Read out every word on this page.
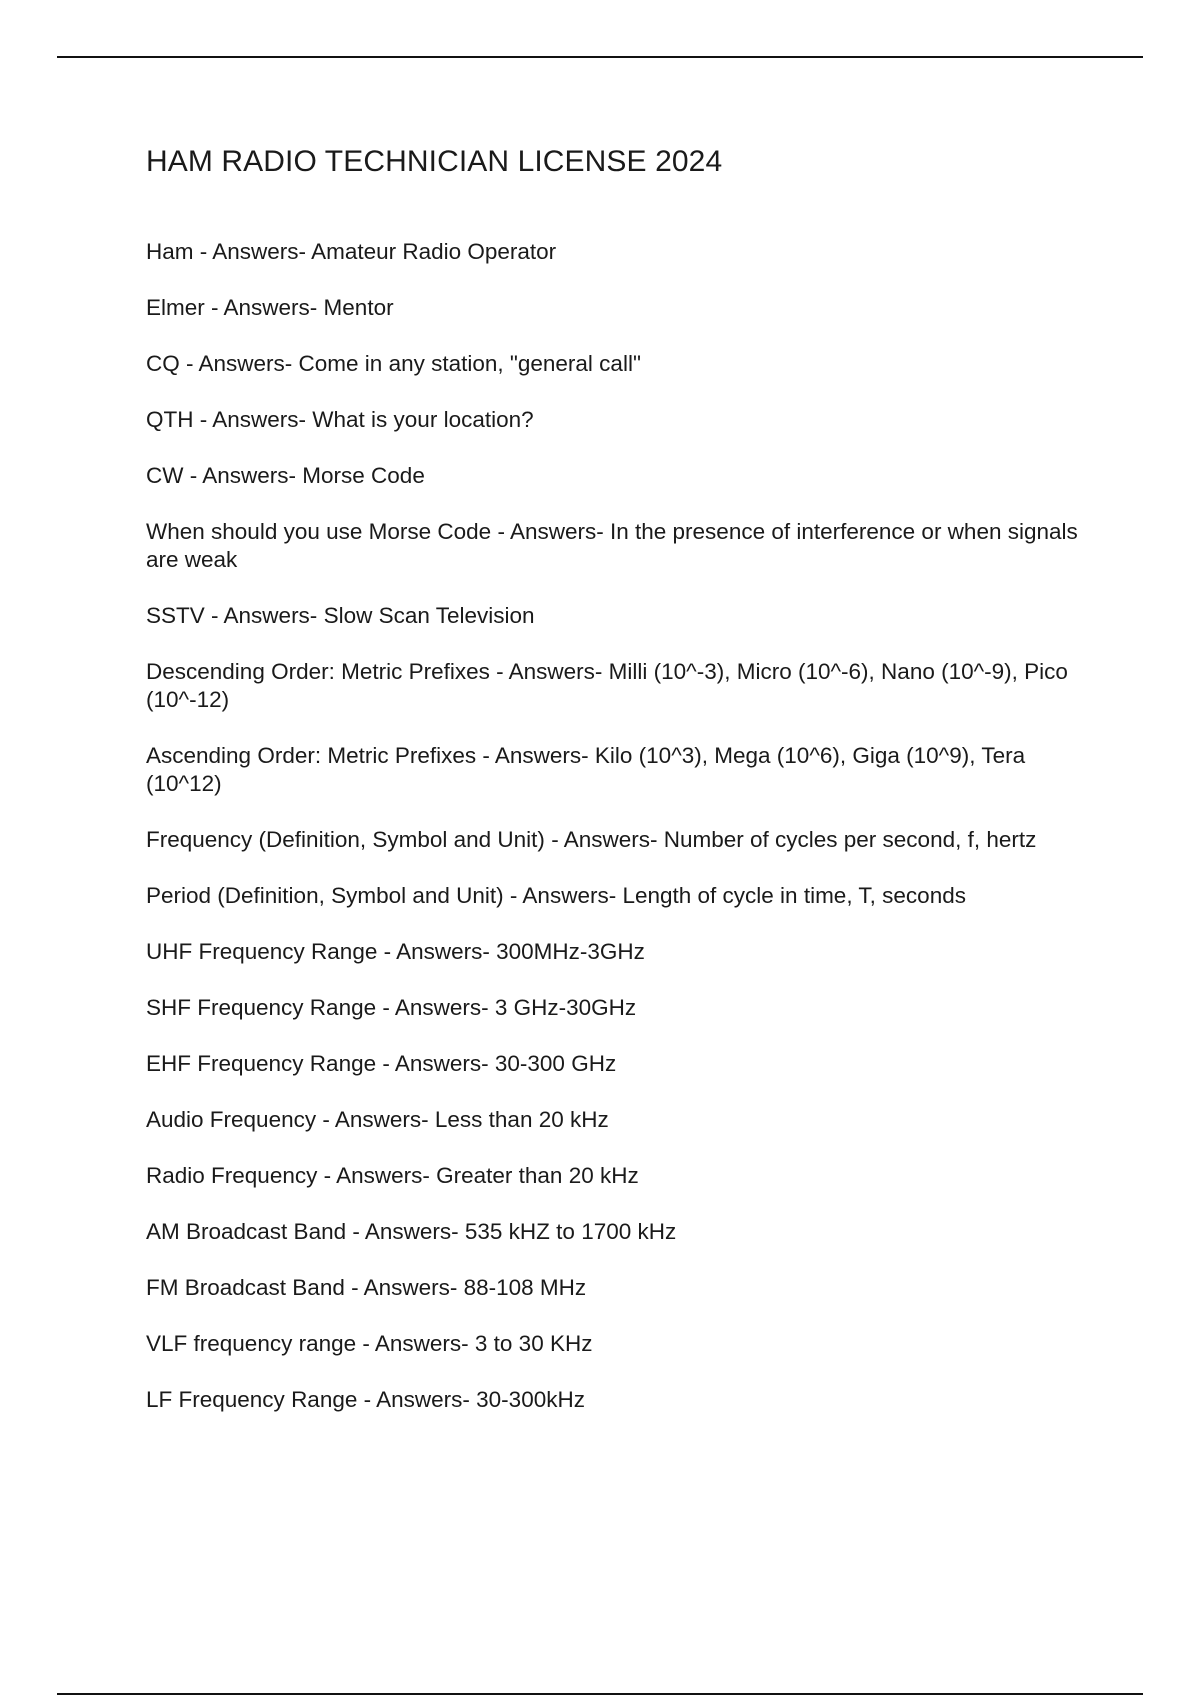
HAM RADIO TECHNICIAN LICENSE 2024
Ham - Answers- Amateur Radio Operator
Elmer - Answers- Mentor
CQ - Answers- Come in any station, "general call"
QTH - Answers- What is your location?
CW - Answers- Morse Code
When should you use Morse Code - Answers- In the presence of interference or when signals are weak
SSTV - Answers- Slow Scan Television
Descending Order: Metric Prefixes - Answers- Milli (10^-3), Micro (10^-6), Nano (10^-9), Pico (10^-12)
Ascending Order: Metric Prefixes - Answers- Kilo (10^3), Mega (10^6), Giga (10^9), Tera (10^12)
Frequency (Definition, Symbol and Unit) - Answers- Number of cycles per second, f, hertz
Period (Definition, Symbol and Unit) - Answers- Length of cycle in time, T, seconds
UHF Frequency Range - Answers- 300MHz-3GHz
SHF Frequency Range - Answers- 3 GHz-30GHz
EHF Frequency Range - Answers- 30-300 GHz
Audio Frequency - Answers- Less than 20 kHz
Radio Frequency - Answers- Greater than 20 kHz
AM Broadcast Band - Answers- 535 kHZ to 1700 kHz
FM Broadcast Band - Answers- 88-108 MHz
VLF frequency range - Answers- 3 to 30 KHz
LF Frequency Range - Answers- 30-300kHz
